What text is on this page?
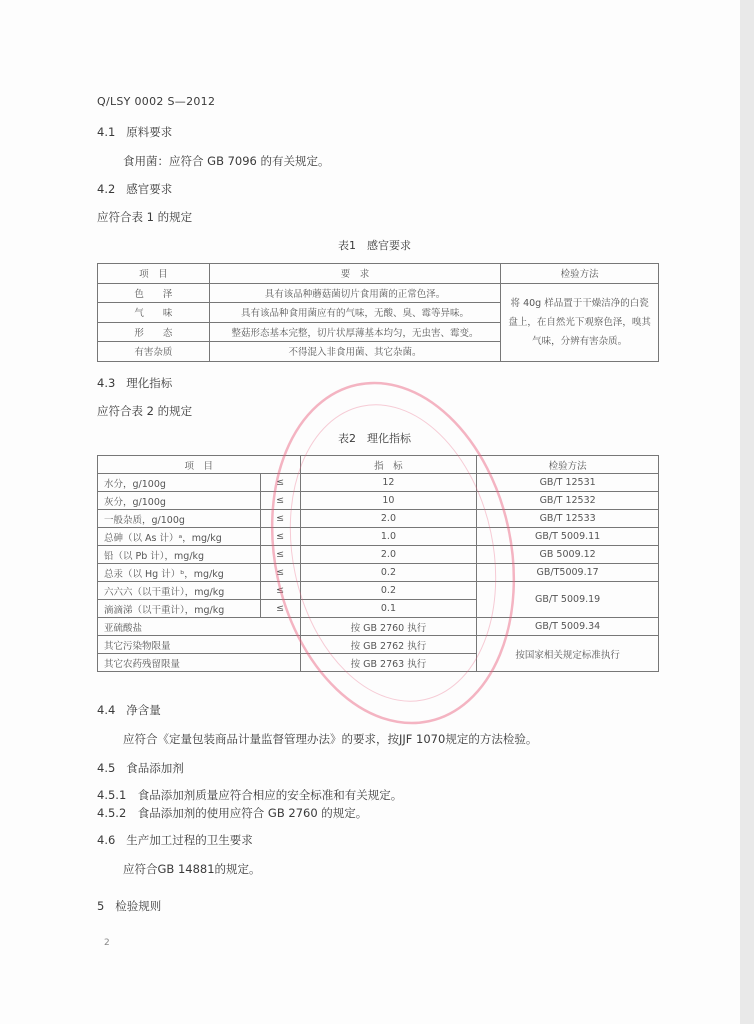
Q/LSY 0002 S—2012
4.1 原料要求
食用菌：应符合 GB 7096 的有关规定。
4.2 感官要求
应符合表 1 的规定
表1　感官要求
项　目	要　求	检验方法
色　　泽	具有该品种蘑菇菌切片食用菌的正常色泽。	将 40g 样品置于干燥洁净的白瓷盘上，在自然光下观察色泽，嗅其气味，分辨有害杂质。
气　　味	具有该品种食用菌应有的气味，无酸、臭、霉等异味。	
形　　态	整菇形态基本完整，切片状厚薄基本均匀，无虫害、霉变。	
有害杂质	不得混入非食用菌、其它杂菌。	
4.3 理化指标
应符合表 2 的规定
表2　理化指标
项　目		指　标	检验方法
水分，g/100g	≤	12	GB/T 12531
灰分，g/100g	≤	10	GB/T 12532
一般杂质，g/100g	≤	2.0	GB/T 12533
总砷（以 As 计）ᵃ，mg/kg	≤	1.0	GB/T 5009.11
铅（以 Pb 计），mg/kg	≤	2.0	GB 5009.12
总汞（以 Hg 计）ᵇ，mg/kg	≤	0.2	GB/T5009.17
六六六（以干重计），mg/kg	≤	0.2	GB/T 5009.19
滴滴涕（以干重计），mg/kg	≤	0.1	
亚硫酸盐		按 GB 2760 执行	GB/T 5009.34
其它污染物限量		按 GB 2762 执行	按国家相关规定标准执行
其它农药残留限量		按 GB 2763 执行	
4.4 净含量
应符合《定量包装商品计量监督管理办法》的要求，按JJF 1070规定的方法检验。
4.5 食品添加剂
4.5.1　食品添加剂质量应符合相应的安全标准和有关规定。
4.5.2　食品添加剂的使用应符合 GB 2760 的规定。
4.6 生产加工过程的卫生要求
应符合GB 14881的规定。
5 检验规则
2
